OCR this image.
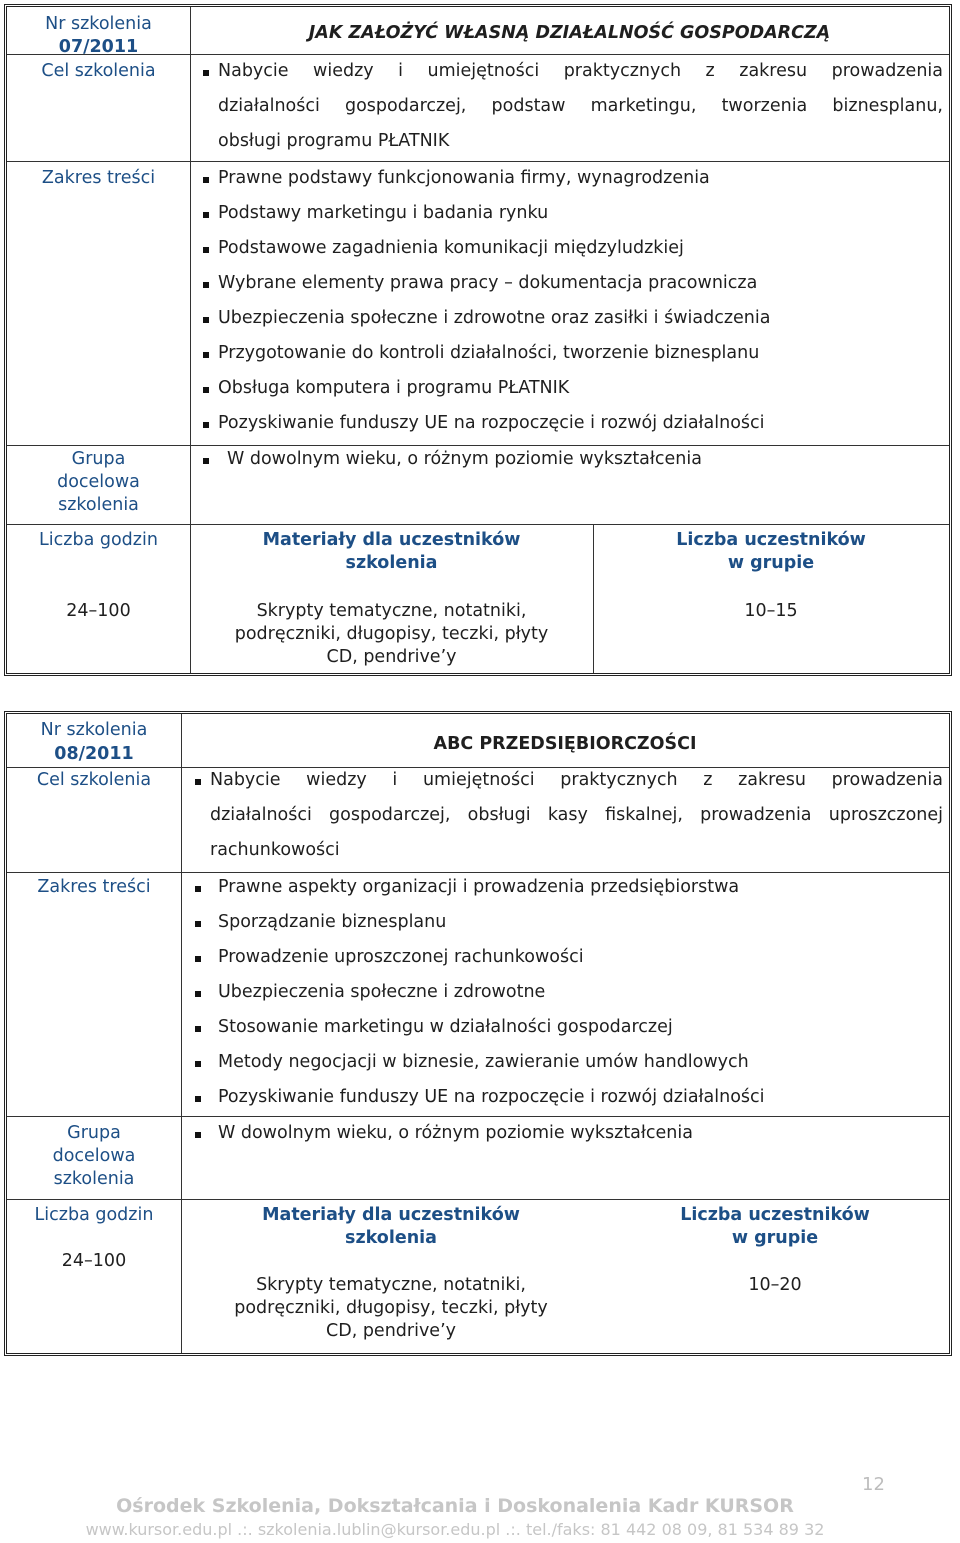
Nr szkolenia
07/2011
Cel szkolenia
Zakres treści
Grupa
docelowa
szkolenia
Liczba godzin
24–100
JAK ZAŁOŻYĆ WŁASNĄ DZIAŁALNOŚĆ GOSPODARCZĄ
Nabycie wiedzy i umiejętności praktycznych z zakresu prowadzenia
działalności gospodarczej, podstaw marketingu, tworzenia biznesplanu,
obsługi programu PŁATNIK
Prawne podstawy funkcjonowania firmy, wynagrodzenia
Podstawy marketingu i badania rynku
Podstawowe zagadnienia komunikacji międzyludzkiej
Wybrane elementy prawa pracy – dokumentacja pracownicza
Ubezpieczenia społeczne i zdrowotne oraz zasiłki i świadczenia
Przygotowanie do kontroli działalności, tworzenie biznesplanu
Obsługa komputera i programu PŁATNIK
Pozyskiwanie funduszy UE na rozpoczęcie i rozwój działalności
W dowolnym wieku, o różnym poziomie wykształcenia
Materiały dla uczestników
szkolenia
Skrypty tematyczne, notatniki,
podręczniki, długopisy, teczki, płyty
CD, pendrive’y
Liczba uczestników
w grupie
10–15
Nr szkolenia
08/2011
Cel szkolenia
Zakres treści
Grupa
docelowa
szkolenia
Liczba godzin
24–100
ABC PRZEDSIĘBIORCZOŚCI
Nabycie wiedzy i umiejętności praktycznych z zakresu prowadzenia
działalności gospodarczej, obsługi kasy fiskalnej, prowadzenia uproszczonej
rachunkowości
Prawne aspekty organizacji i prowadzenia przedsiębiorstwa
Sporządzanie biznesplanu
Prowadzenie uproszczonej rachunkowości
Ubezpieczenia społeczne i zdrowotne
Stosowanie marketingu w działalności gospodarczej
Metody negocjacji w biznesie, zawieranie umów handlowych
Pozyskiwanie funduszy UE na rozpoczęcie i rozwój działalności
W dowolnym wieku, o różnym poziomie wykształcenia
Materiały dla uczestników
szkolenia
Skrypty tematyczne, notatniki,
podręczniki, długopisy, teczki, płyty
CD, pendrive’y
Liczba uczestników
w grupie
10–20
12
Ośrodek Szkolenia, Dokształcania i Doskonalenia Kadr KURSOR
www.kursor.edu.pl .:. szkolenia.lublin@kursor.edu.pl .:. tel./faks: 81 442 08 09, 81 534 89 32
